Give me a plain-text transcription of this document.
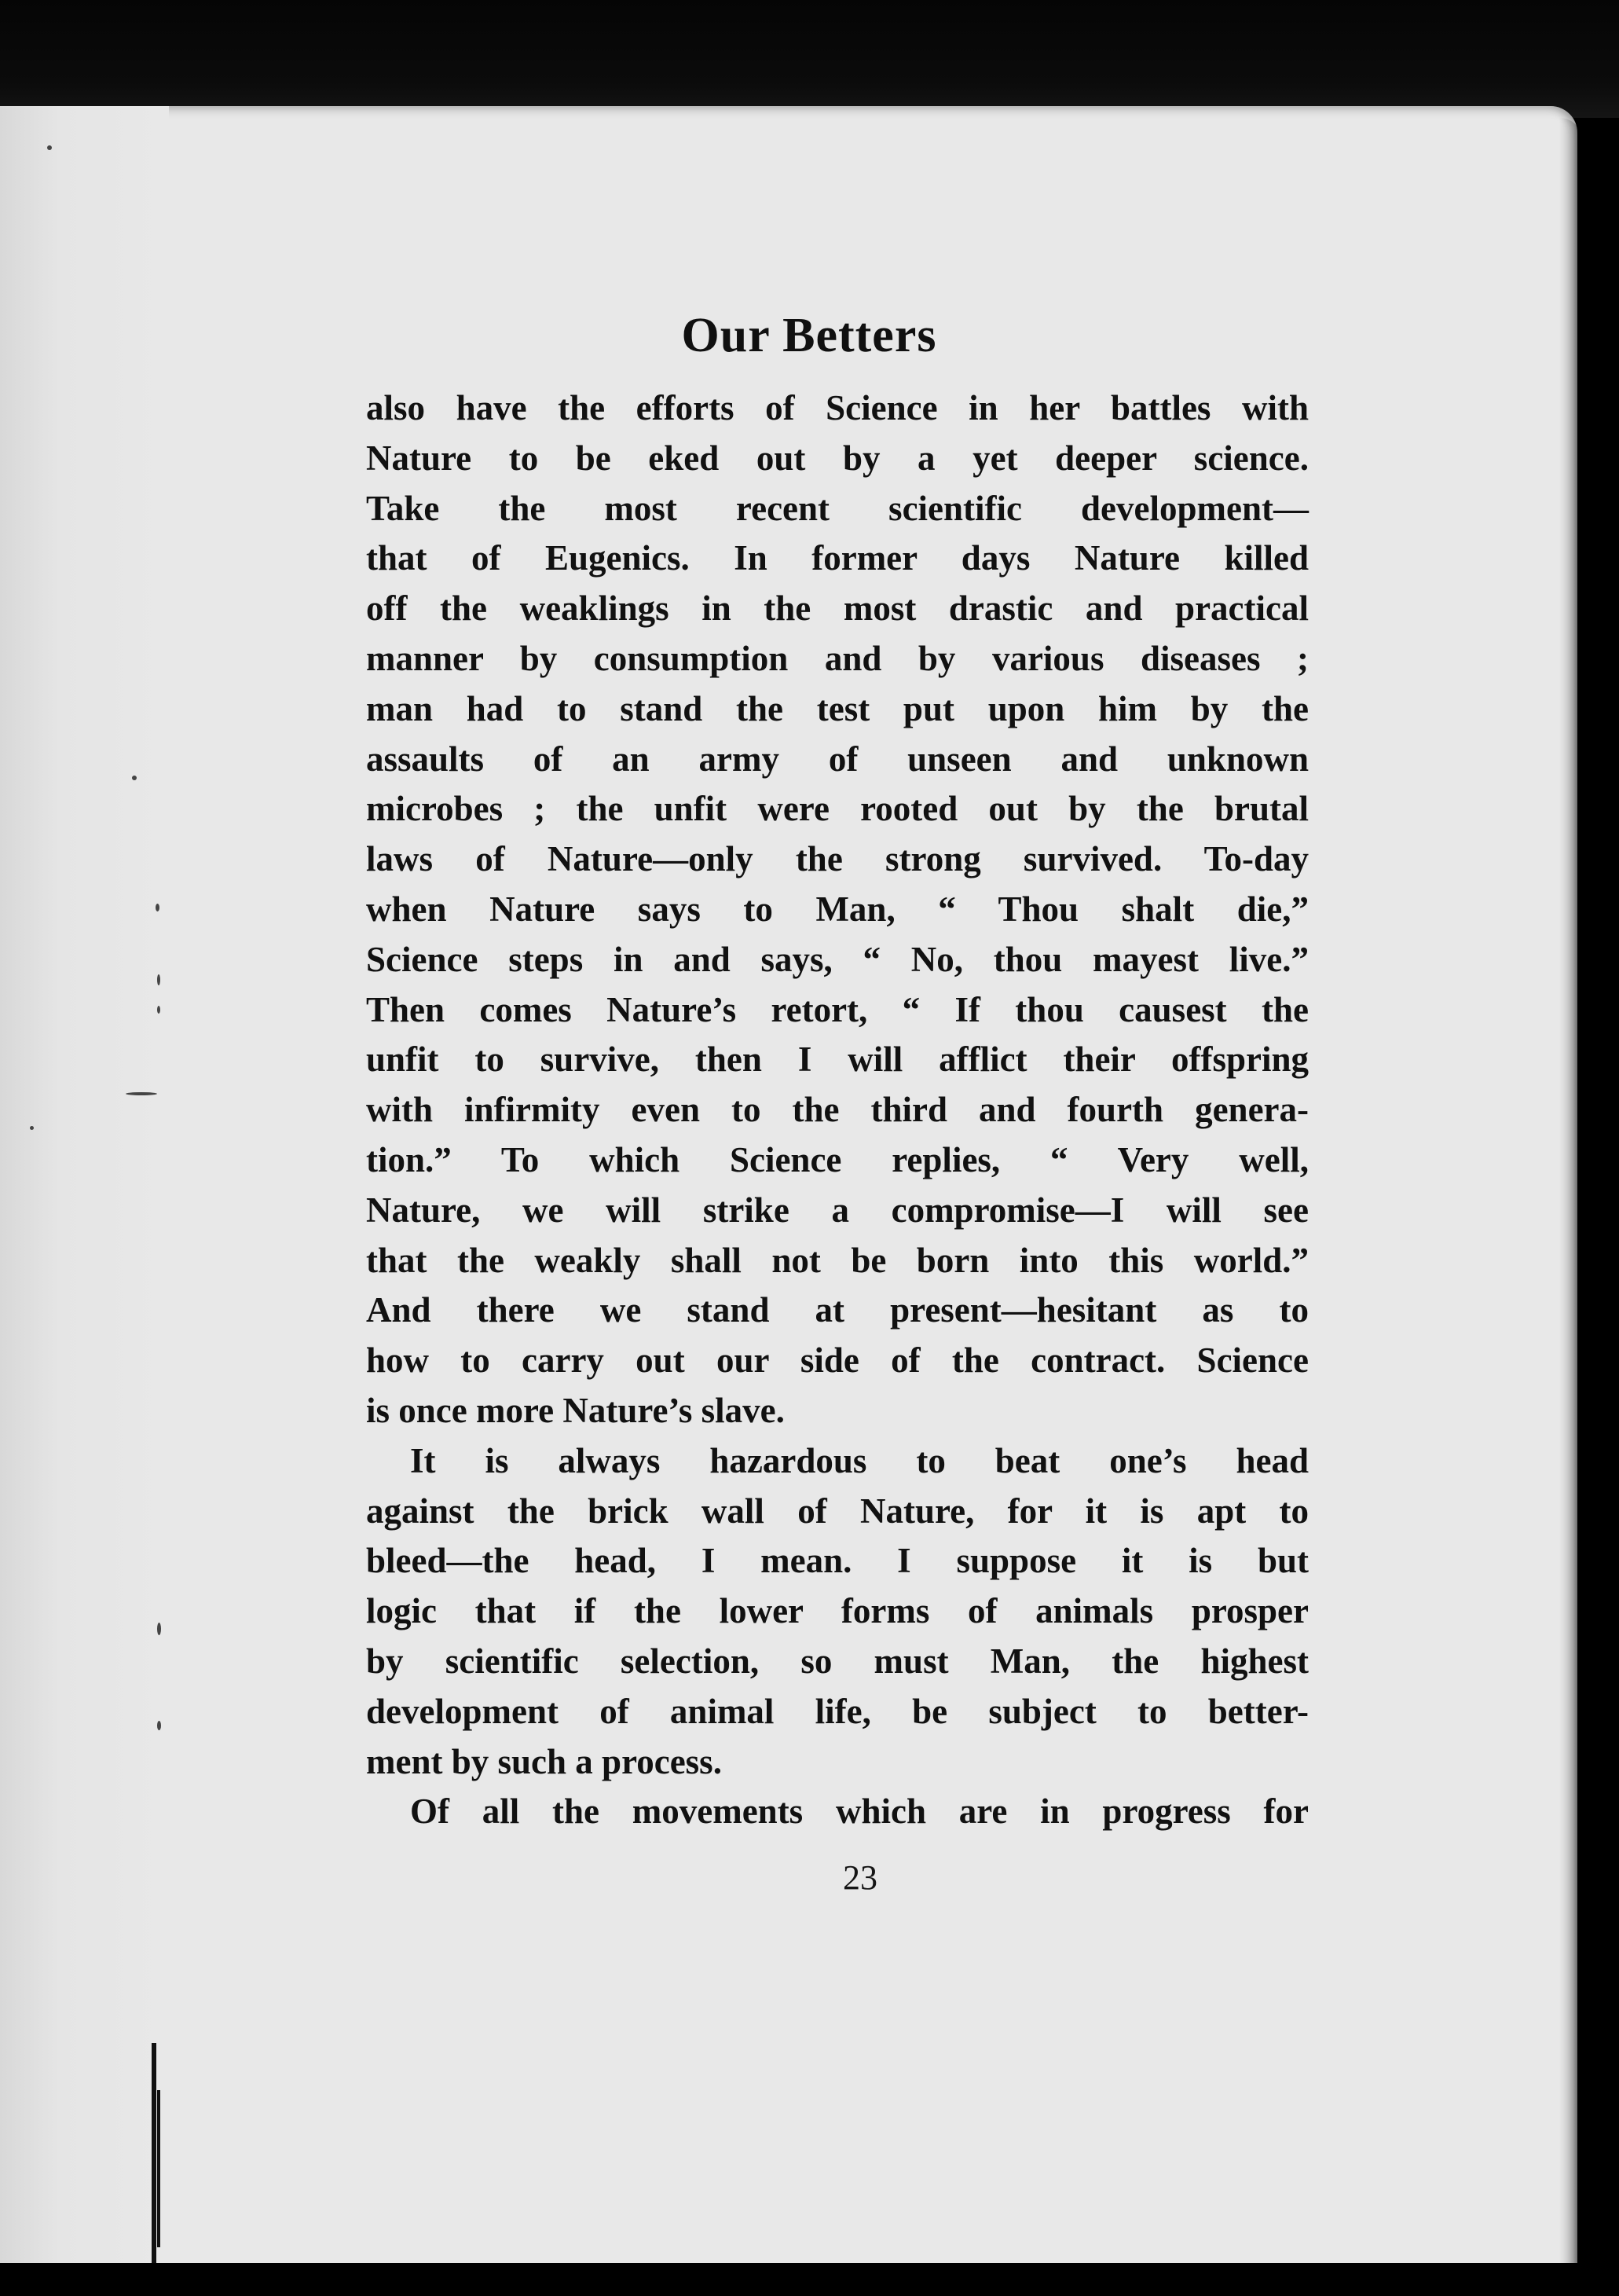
Our Betters
also have the efforts of Science in her battles with
Nature to be eked out by a yet deeper science.
Take the most recent scientific development—
that of Eugenics. In former days Nature killed
off the weaklings in the most drastic and practical
manner by consumption and by various diseases ;
man had to stand the test put upon him by the
assaults of an army of unseen and unknown
microbes ; the unfit were rooted out by the brutal
laws of Nature—only the strong survived. To-day
when Nature says to Man, “ Thou shalt die,”
Science steps in and says, “ No, thou mayest live.”
Then comes Nature’s retort, “ If thou causest the
unfit to survive, then I will afflict their offspring
with infirmity even to the third and fourth genera-
tion.” To which Science replies, “ Very well,
Nature, we will strike a compromise—I will see
that the weakly shall not be born into this world.”
And there we stand at present—hesitant as to
how to carry out our side of the contract. Science
is once more Nature’s slave.
It is always hazardous to beat one’s head
against the brick wall of Nature, for it is apt to
bleed—the head, I mean. I suppose it is but
logic that if the lower forms of animals prosper
by scientific selection, so must Man, the highest
development of animal life, be subject to better-
ment by such a process.
Of all the movements which are in progress for
23
